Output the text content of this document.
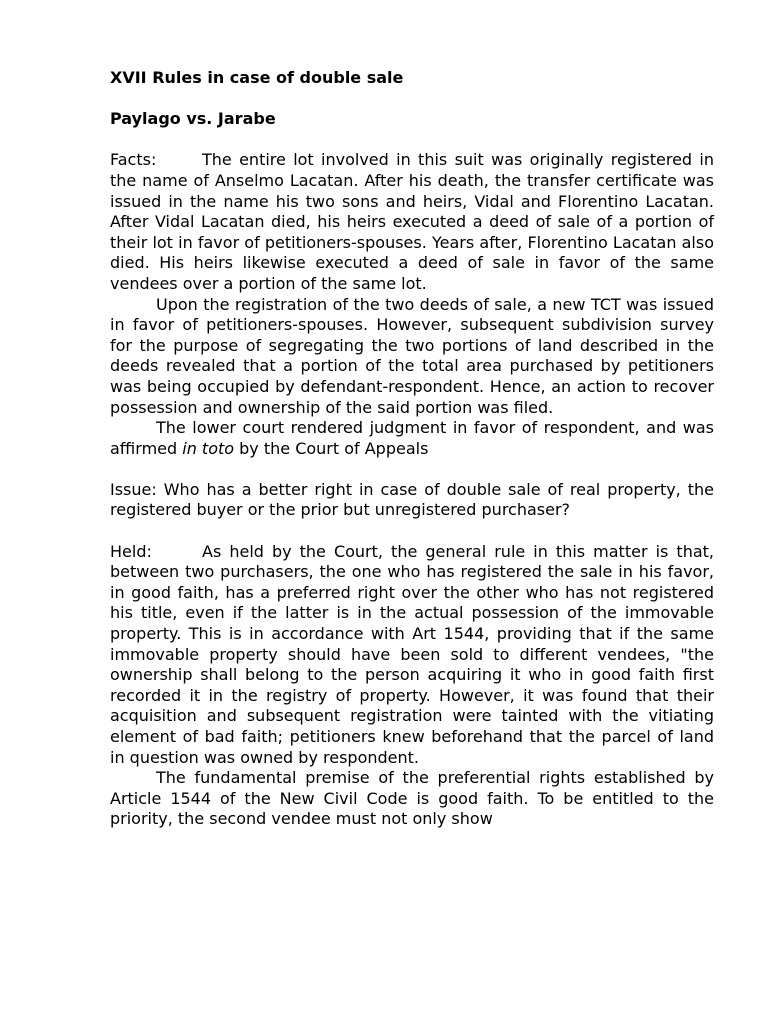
XVII Rules in case of double sale

Paylago vs. Jarabe

Facts:	The entire lot involved in this suit was originally registered in the name of Anselmo Lacatan. After his death, the transfer certificate was issued in the name his two sons and heirs, Vidal and Florentino Lacatan. After Vidal Lacatan died, his heirs executed a deed of sale of a portion of their lot in favor of petitioners-spouses. Years after, Florentino Lacatan also died. His heirs likewise executed a deed of sale in favor of the same vendees over a portion of the same lot.

Upon the registration of the two deeds of sale, a new TCT was issued in favor of petitioners-spouses. However, subsequent subdivision survey for the purpose of segregating the two portions of land described in the deeds revealed that a portion of the total area purchased by petitioners was being occupied by defendant-respondent. Hence, an action to recover possession and ownership of the said portion was filed.

The lower court rendered judgment in favor of respondent, and was affirmed in toto by the Court of Appeals

Issue: Who has a better right in case of double sale of real property, the registered buyer or the prior but unregistered purchaser?

Held:	As held by the Court, the general rule in this matter is that, between two purchasers, the one who has registered the sale in his favor, in good faith, has a preferred right over the other who has not registered his title, even if the latter is in the actual possession of the immovable property. This is in accordance with Art 1544, providing that if the same immovable property should have been sold to different vendees, "the ownership shall belong to the person acquiring it who in good faith first recorded it in the registry of property. However, it was found that their acquisition and subsequent registration were tainted with the vitiating element of bad faith; petitioners knew beforehand that the parcel of land in question was owned by respondent.

The fundamental premise of the preferential rights established by Article 1544 of the New Civil Code is good faith. To be entitled to the priority, the second vendee must not only show
